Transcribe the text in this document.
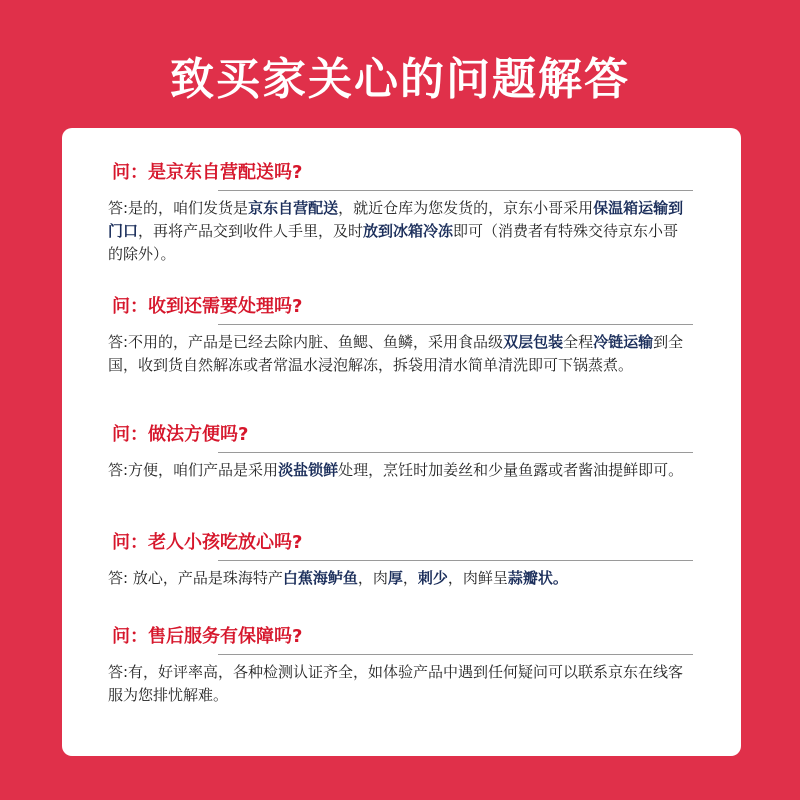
致买家关心的问题解答
问：是京东自营配送吗?
答:是的，咱们发货是京东自营配送，就近仓库为您发货的，京东小哥采用保温箱运输到门口，再将产品交到收件人手里，及时放到冰箱冷冻即可（消费者有特殊交待京东小哥的除外）。
问：收到还需要处理吗?
答:不用的，产品是已经去除内脏、鱼鳃、鱼鳞，采用食品级双层包装全程冷链运输到全国，收到货自然解冻或者常温水浸泡解冻，拆袋用清水简单清洗即可下锅蒸煮。
问：做法方便吗?
答:方便，咱们产品是采用淡盐锁鲜处理，烹饪时加姜丝和少量鱼露或者酱油提鲜即可。
问：老人小孩吃放心吗?
答: 放心，产品是珠海特产白蕉海鲈鱼，肉厚，刺少，肉鲜呈蒜瓣状。
问：售后服务有保障吗?
答:有，好评率高，各种检测认证齐全，如体验产品中遇到任何疑问可以联系京东在线客服为您排忧解难。
